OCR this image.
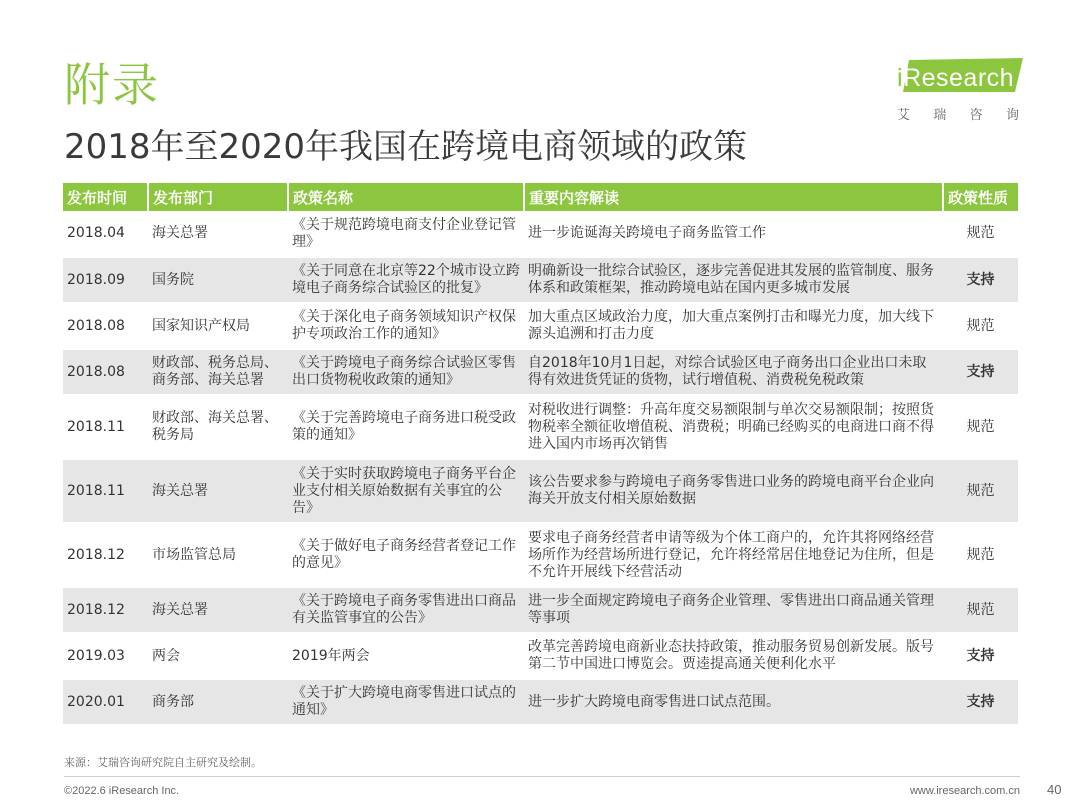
附录
2018年至2020年我国在跨境电商领域的政策
iResearch
艾 瑞 咨 询
发布时间	发布部门	政策名称	重要内容解读	政策性质
2018.04	海关总署	《关于规范跨境电商支付企业登记管理》	进一步诡诞海关跨境电子商务监管工作	规范
2018.09	国务院	《关于同意在北京等22个城市设立跨境电子商务综合试验区的批复》	明确新设一批综合试验区，逐步完善促进其发展的监管制度、服务体系和政策框架，推动跨境电站在国内更多城市发展	支持
2018.08	国家知识产权局	《关于深化电子商务领域知识产权保护专项政治工作的通知》	加大重点区域政治力度，加大重点案例打击和曝光力度，加大线下源头追溯和打击力度	规范
2018.08	财政部、税务总局、商务部、海关总署	《关于跨境电子商务综合试验区零售出口货物税收政策的通知》	自2018年10月1日起，对综合试验区电子商务出口企业出口未取得有效进货凭证的货物，试行增值税、消费税免税政策	支持
2018.11	财政部、海关总署、税务局	《关于完善跨境电子商务进口税受政策的通知》	对税收进行调整：升高年度交易额限制与单次交易额限制；按照货物税率全额征收增值税、消费税；明确已经购买的电商进口商不得进入国内市场再次销售	规范
2018.11	海关总署	《关于实时获取跨境电子商务平台企业支付相关原始数据有关事宜的公告》	该公告要求参与跨境电子商务零售进口业务的跨境电商平台企业向海关开放支付相关原始数据	规范
2018.12	市场监管总局	《关于做好电子商务经营者登记工作的意见》	要求电子商务经营者申请等级为个体工商户的，允许其将网络经营场所作为经营场所进行登记，允许将经常居住地登记为住所，但是不允许开展线下经营活动	规范
2018.12	海关总署	《关于跨境电子商务零售进出口商品有关监管事宜的公告》	进一步全面规定跨境电子商务企业管理、零售进出口商品通关管理等事项	规范
2019.03	两会	2019年两会	改革完善跨境电商新业态扶持政策，推动服务贸易创新发展。版号第二节中国进口博览会。贾逵提高通关便利化水平	支持
2020.01	商务部	《关于扩大跨境电商零售进口试点的通知》	进一步扩大跨境电商零售进口试点范围。	支持
来源：艾瑞咨询研究院自主研究及绘制。
©2022.6 iResearch Inc.	www.iresearch.com.cn 40
